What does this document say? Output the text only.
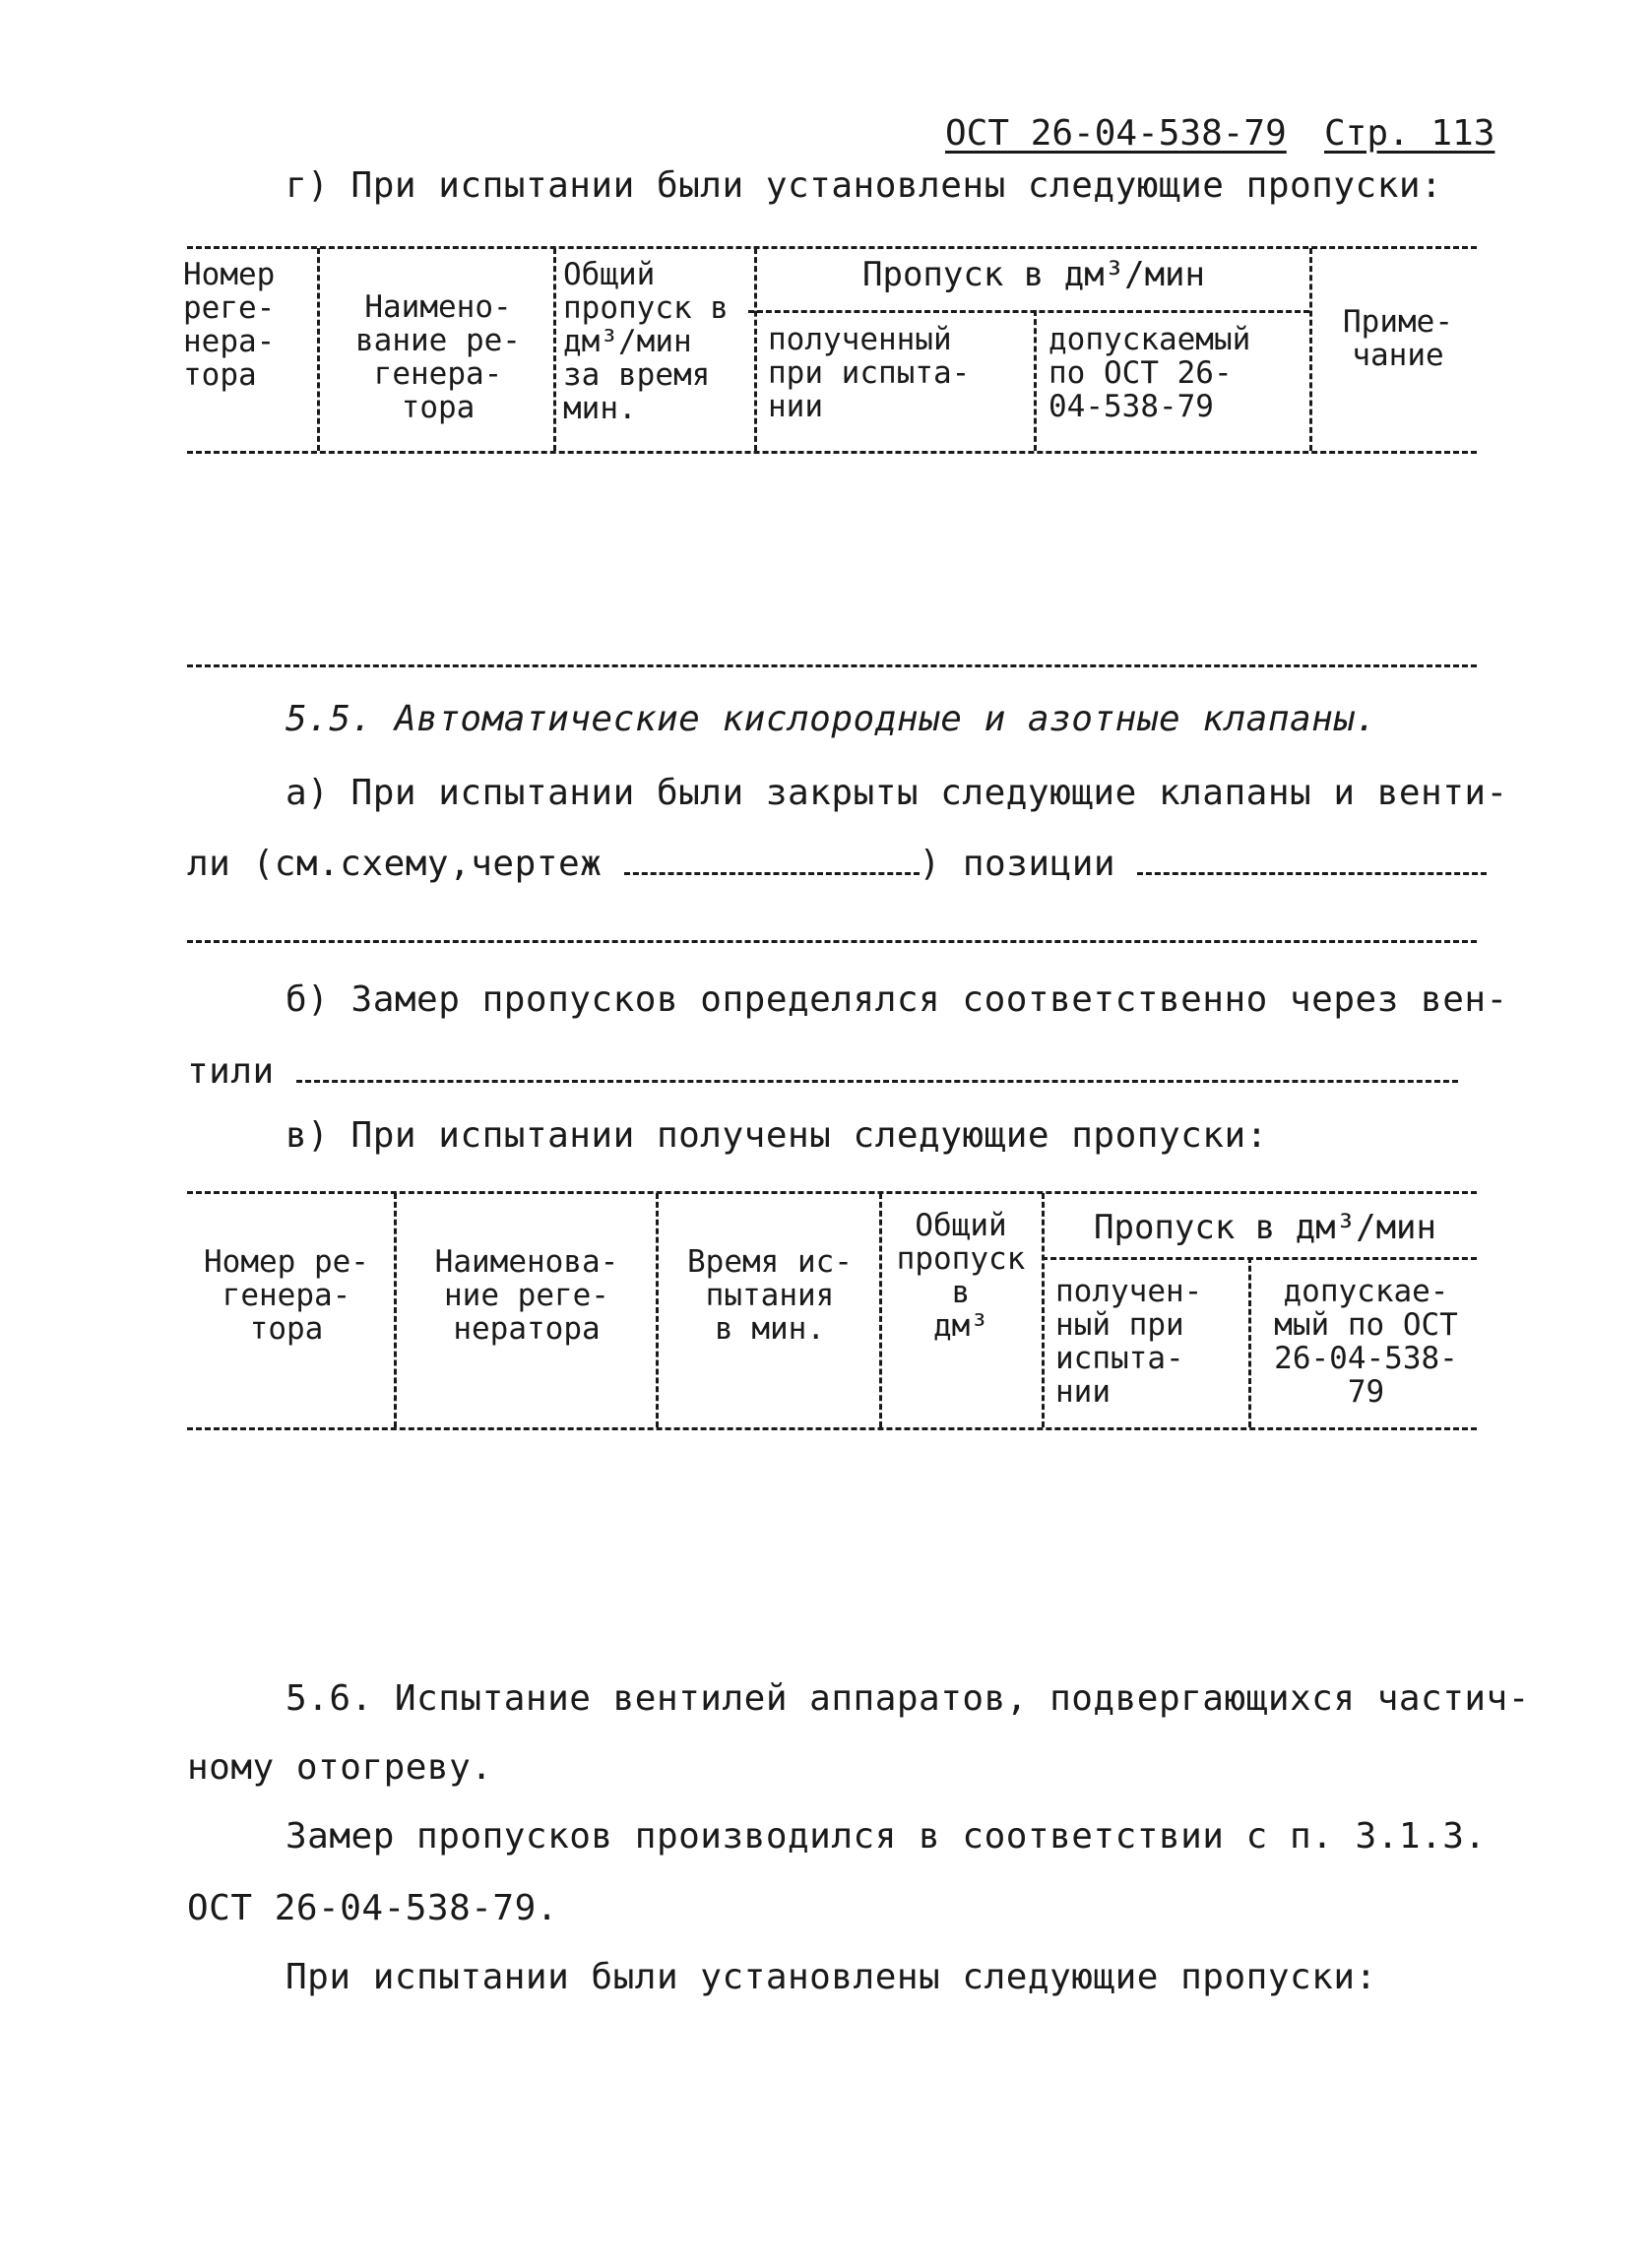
ОСТ 26-04-538-79 Стр. 113
г) При испытании были установлены следующие пропуски:
Номер
реге-
нера-
тора
Наимено-
вание ре-
генера-
тора
Общий
пропуск в
дм³/мин
за время
мин.
Пропуск в дм³/мин
полученный
при испыта-
нии
допускаемый
по ОСТ 26-
04-538-79
Приме-
чание
5.5. Автоматические кислородные и азотные клапаны.
а) При испытании были закрыты следующие клапаны и венти-
ли (см.схему,чертеж	) позиции
б) Замер пропусков определялся соответственно через вен-
тили
в) При испытании получены следующие пропуски:
Номер ре-
генера-
тора
Наименова-
ние реге-
нератора
Время ис-
пытания
в мин.
Общий
пропуск
в
дм³
Пропуск в дм³/мин
получен-
ный при
испыта-
нии
допускае-
мый по ОСТ
26-04-538-
79
5.6. Испытание вентилей аппаратов, подвергающихся частич-
ному отогреву.
Замер пропусков производился в соответствии с п. 3.1.3.
ОСТ 26-04-538-79.
При испытании были установлены следующие пропуски:
